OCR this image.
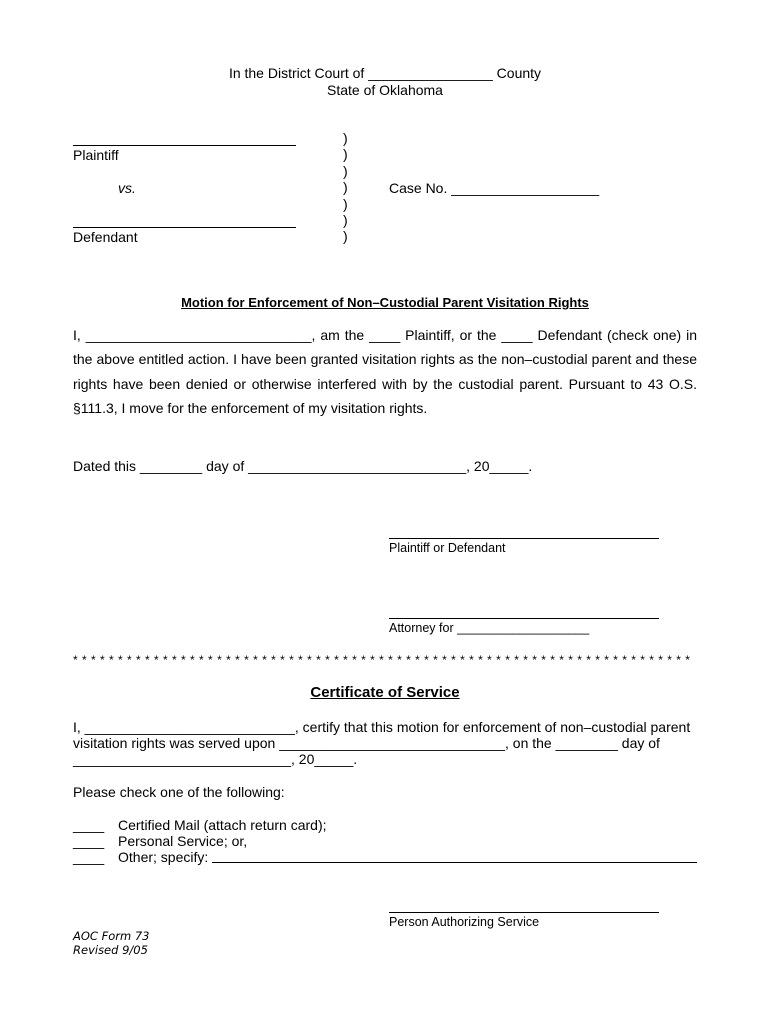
In the District Court of ________________ County
State of Oklahoma
Plaintiff
vs.
Defendant
)
)
)
)
)
)
)
Case No. ___________________
Motion for Enforcement of Non–Custodial Parent Visitation Rights
I, _____________________________, am the ____ Plaintiff, or the ____ Defendant (check one) in
the above entitled action. I have been granted visitation rights as the non–custodial parent and these
rights have been denied or otherwise interfered with by the custodial parent. Pursuant to 43 O.S.
§111.3, I move for the enforcement of my visitation rights.
Dated this ________ day of ____________________________, 20_____.
Plaintiff or Defendant
Attorney for ___________________
* * * * * * * * * * * * * * * * * * * * * * * * * * * * * * * * * * * * * * * * * * * * * * * * * * * * * * * * * * * * * * * * * * * * *
Certificate of Service
I, ___________________________, certify that this motion for enforcement of non–custodial parent
visitation rights was served upon _____________________________, on the ________ day of
____________________________, 20_____.
Please check one of the following:
____ Certified Mail (attach return card);
____ Personal Service; or,
____ Other; specify:
Person Authorizing Service
AOC Form 73
Revised 9/05
